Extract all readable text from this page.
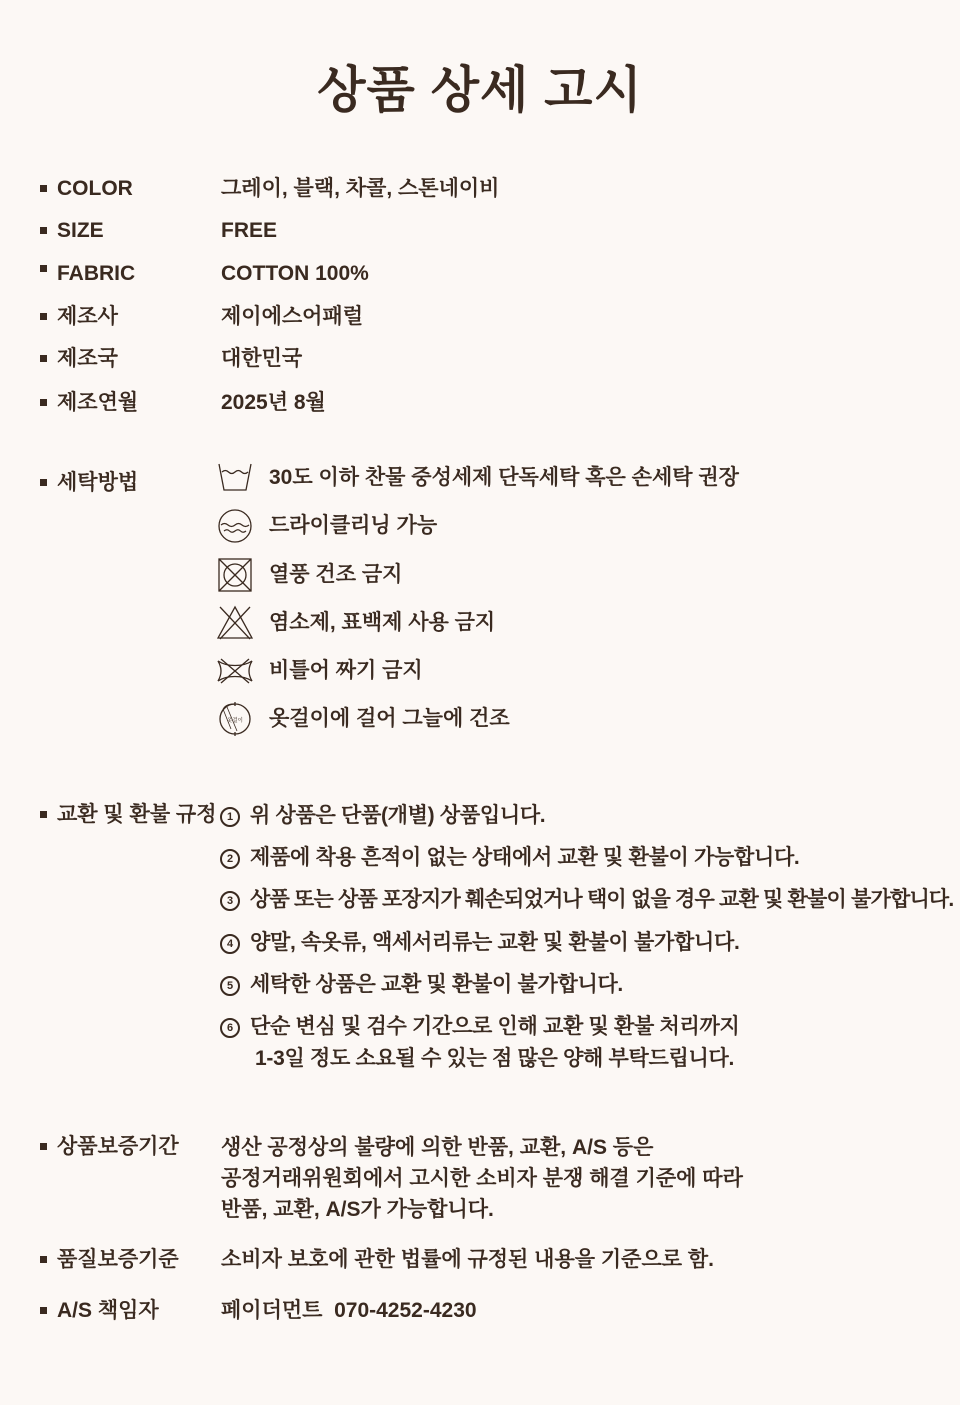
상품 상세 고시
COLOR	그레이, 블랙, 차콜, 스톤네이비
SIZE	FREE
FABRIC	COTTON 100%
제조사	제이에스어패럴
제조국	대한민국
제조연월	2025년 8월
세탁방법	30도 이하 찬물 중성세제 단독세탁 혹은 손세탁 권장
드라이클리닝 가능
열풍 건조 금지
염소제, 표백제 사용 금지
비틀어 짜기 금지
옷걸이 옷걸이에 걸어 그늘에 건조
교환 및 환불 규정 1 위 상품은 단품(개별) 상품입니다.
2 제품에 착용 흔적이 없는 상태에서 교환 및 환불이 가능합니다.
3 상품 또는 상품 포장지가 훼손되었거나 택이 없을 경우 교환 및 환불이 불가합니다.
4 양말, 속옷류, 액세서리류는 교환 및 환불이 불가합니다.
5 세탁한 상품은 교환 및 환불이 불가합니다.
6 단순 변심 및 검수 기간으로 인해 교환 및 환불 처리까지
1-3일 정도 소요될 수 있는 점 많은 양해 부탁드립니다.
상품보증기간 생산 공정상의 불량에 의한 반품, 교환, A/S 등은
공정거래위원회에서 고시한 소비자 분쟁 해결 기준에 따라
반품, 교환, A/S가 가능합니다.
품질보증기준 소비자 보호에 관한 법률에 규정된 내용을 기준으로 함.
A/S 책임자	페이더먼트  070-4252-4230
